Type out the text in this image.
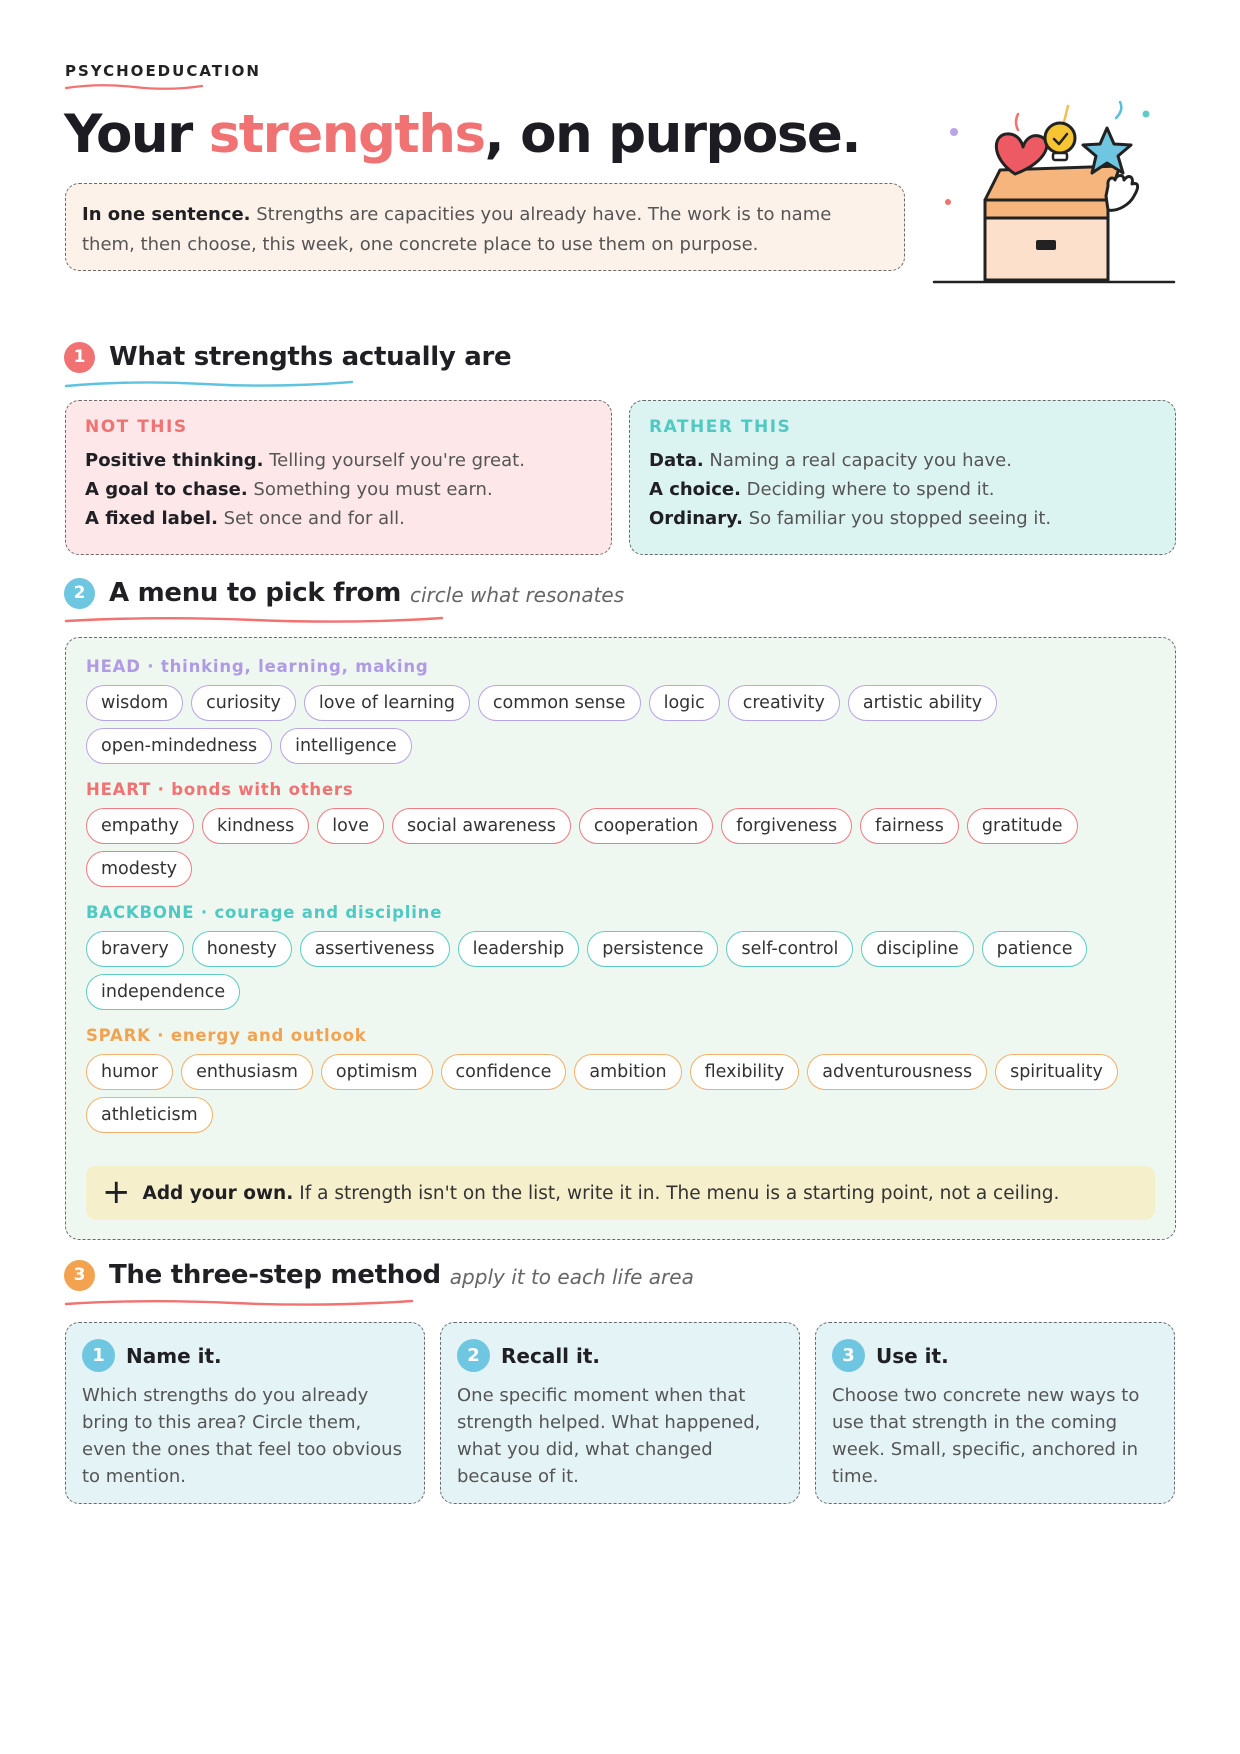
PSYCHOEDUCATION
Your strengths, on purpose.
In one sentence. Strengths are capacities you already have. The work is to name them, then choose, this week, one concrete place to use them on purpose.
1 What strengths actually are
NOT THIS
Positive thinking. Telling yourself you're great.
A goal to chase. Something you must earn.
A fixed label. Set once and for all.
RATHER THIS
Data. Naming a real capacity you have.
A choice. Deciding where to spend it.
Ordinary. So familiar you stopped seeing it.
2 A menu to pick from circle what resonates
HEAD · thinking, learning, making
wisdom	curiosity	love of learning	common sense	logic	creativity	artistic ability
open-mindedness	intelligence
HEART · bonds with others
empathy	kindness	love	social awareness	cooperation	forgiveness	fairness	gratitude
modesty
BACKBONE · courage and discipline
bravery	honesty	assertiveness	leadership	persistence	self-control	discipline	patience
independence
SPARK · energy and outlook
humor	enthusiasm	optimism	confidence	ambition	flexibility	adventurousness	spirituality
athleticism
+ Add your own. If a strength isn't on the list, write it in. The menu is a starting point, not a ceiling.
3 The three-step method apply it to each life area
1	Name it.
Which strengths do you already bring to this area? Circle them, even the ones that feel too obvious to mention.
2	Recall it.
One specific moment when that strength helped. What happened, what you did, what changed because of it.
3	Use it.
Choose two concrete new ways to use that strength in the coming week. Small, specific, anchored in time.
